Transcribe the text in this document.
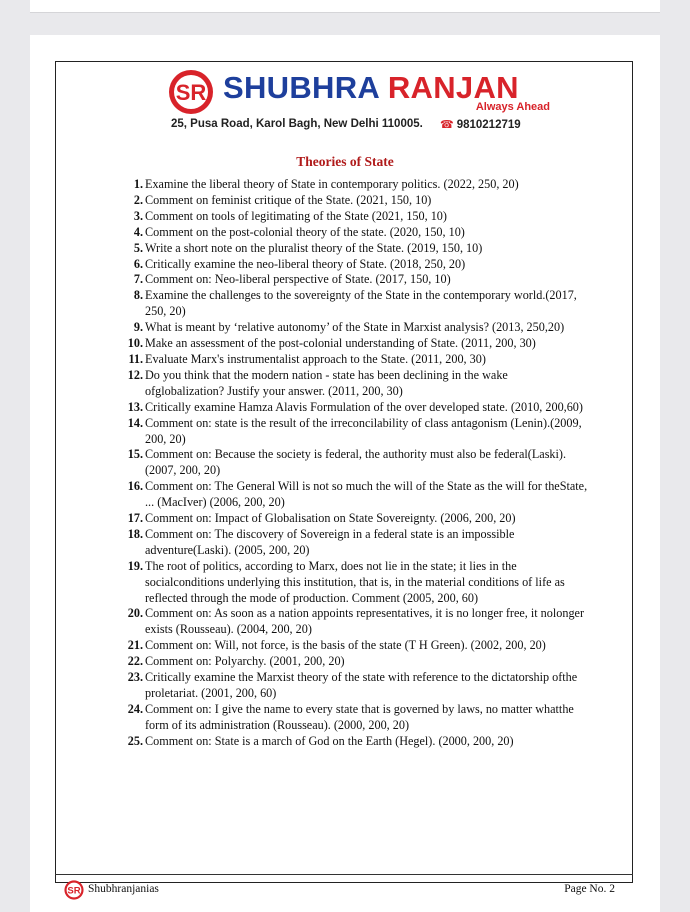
SR SHUBHRA RANJAN
Always Ahead
25, Pusa Road, Karol Bagh, New Delhi 110005. ☎ 9810212719
Theories of State
1. Examine the liberal theory of State in contemporary politics. (2022, 250, 20)
2. Comment on feminist critique of the State. (2021, 150, 10)
3. Comment on tools of legitimating of the State (2021, 150, 10)
4. Comment on the post-colonial theory of the state. (2020, 150, 10)
5. Write a short note on the pluralist theory of the State. (2019, 150, 10)
6. Critically examine the neo-liberal theory of State. (2018, 250, 20)
7. Comment on: Neo-liberal perspective of State. (2017, 150, 10)
8. Examine the challenges to the sovereignty of the State in the contemporary world.(2017, 250, 20)
9. What is meant by ‘relative autonomy’ of the State in Marxist analysis? (2013, 250,20)
10. Make an assessment of the post-colonial understanding of State. (2011, 200, 30)
11. Evaluate Marx's instrumentalist approach to the State. (2011, 200, 30)
12. Do you think that the modern nation - state has been declining in the wake ofglobalization? Justify your answer. (2011, 200, 30)
13. Critically examine Hamza Alavis Formulation of the over developed state. (2010, 200,60)
14. Comment on: state is the result of the irreconcilability of class antagonism (Lenin).(2009, 200, 20)
15. Comment on: Because the society is federal, the authority must also be federal(Laski). (2007, 200, 20)
16. Comment on: The General Will is not so much the will of the State as the will for theState, ... (MacIver) (2006, 200, 20)
17. Comment on: Impact of Globalisation on State Sovereignty. (2006, 200, 20)
18. Comment on: The discovery of Sovereign in a federal state is an impossible adventure(Laski). (2005, 200, 20)
19. The root of politics, according to Marx, does not lie in the state; it lies in the socialconditions underlying this institution, that is, in the material conditions of life as reflected through the mode of production. Comment (2005, 200, 60)
20. Comment on: As soon as a nation appoints representatives, it is no longer free, it nolonger exists (Rousseau). (2004, 200, 20)
21. Comment on: Will, not force, is the basis of the state (T H Green). (2002, 200, 20)
22. Comment on: Polyarchy. (2001, 200, 20)
23. Critically examine the Marxist theory of the state with reference to the dictatorship ofthe proletariat. (2001, 200, 60)
24. Comment on: I give the name to every state that is governed by laws, no matter whatthe form of its administration (Rousseau). (2000, 200, 20)
25. Comment on: State is a march of God on the Earth (Hegel). (2000, 200, 20)
SR Shubhranjanias	Page No. 2
